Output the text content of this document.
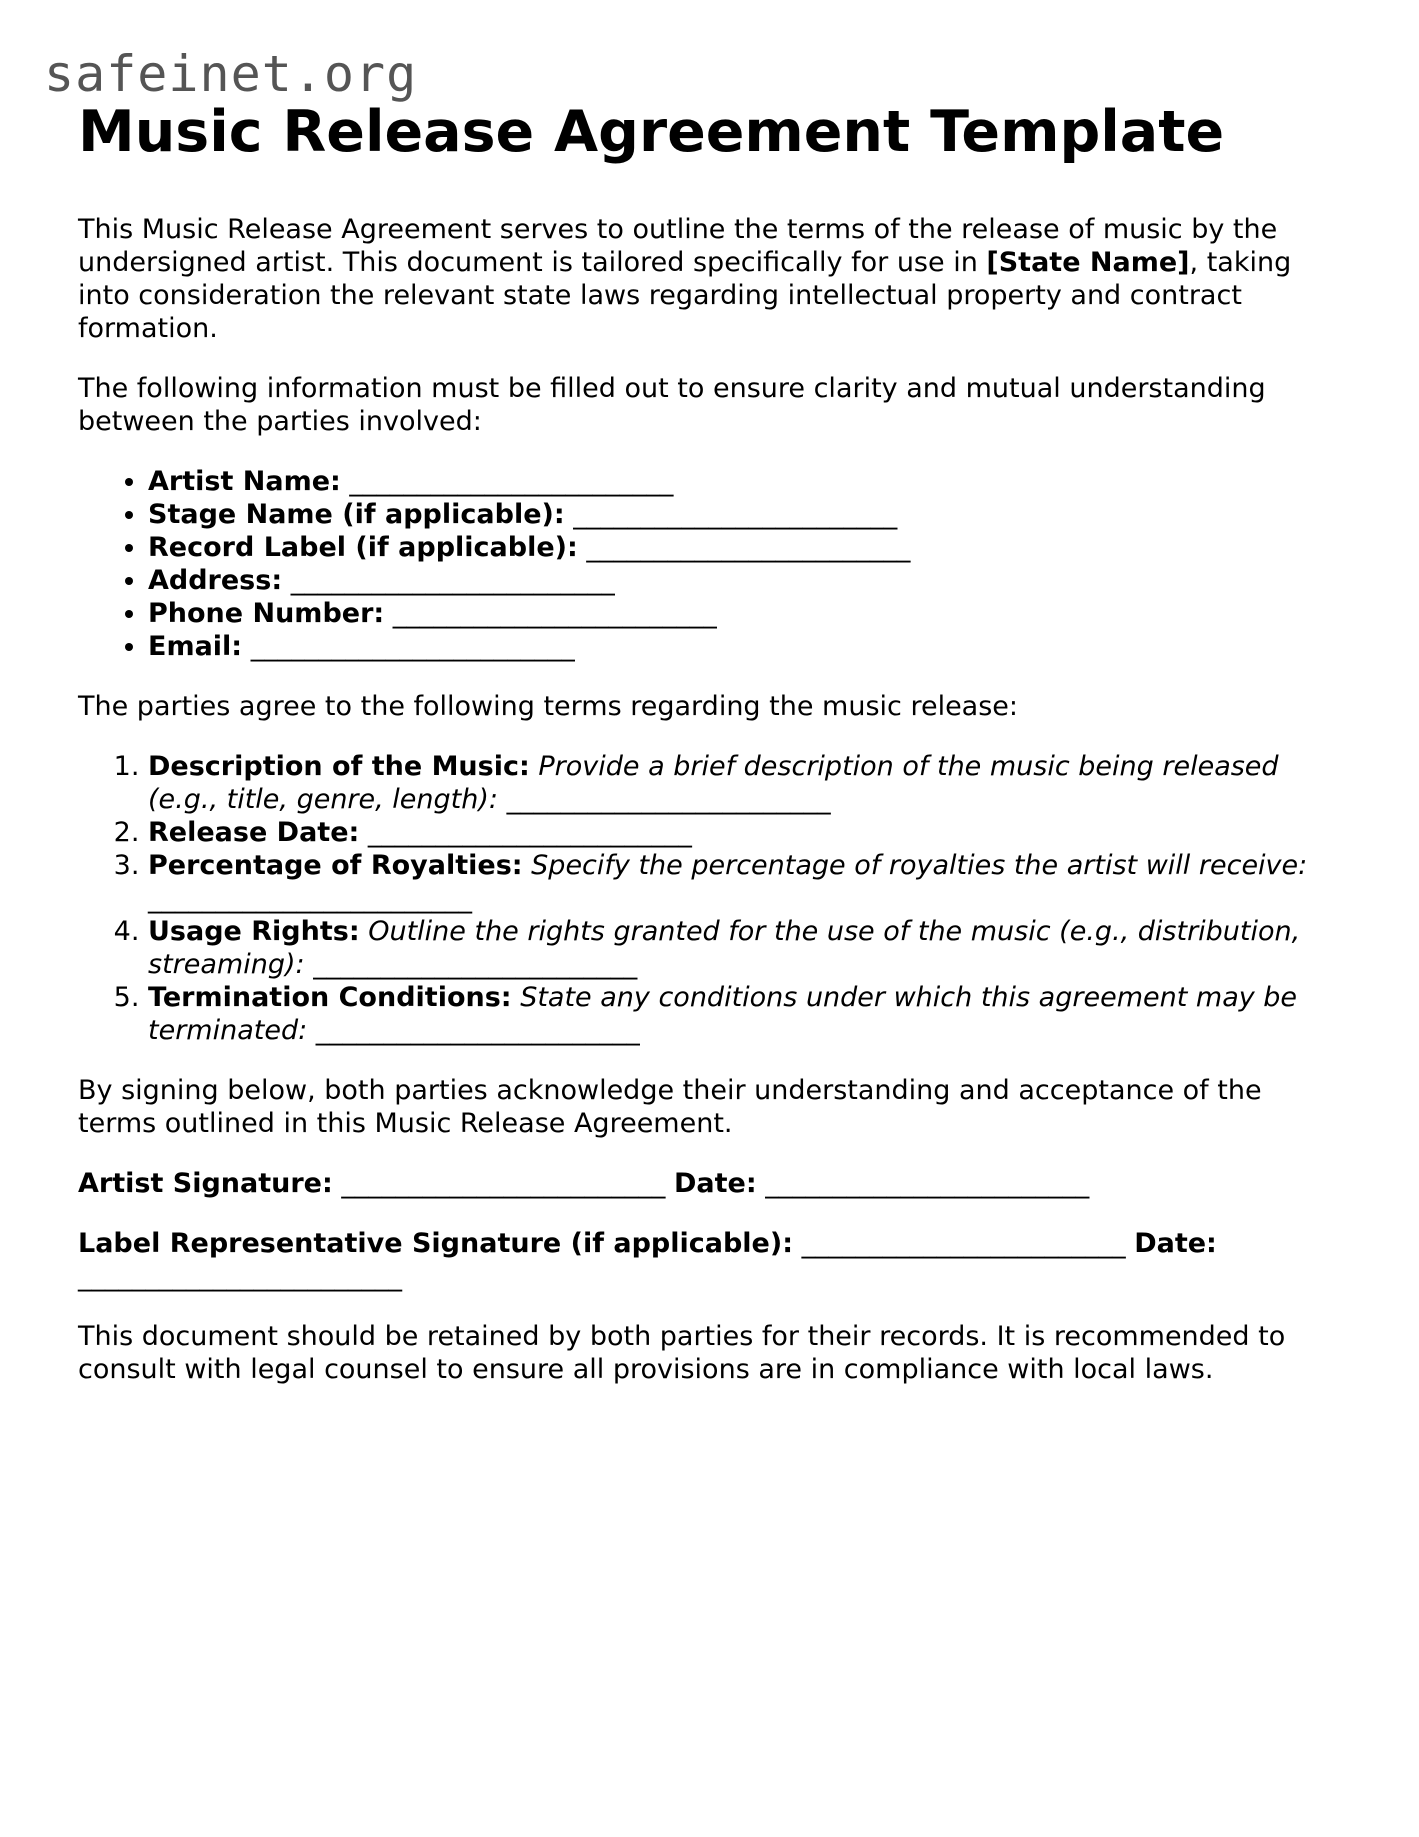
safeinet.org
Music Release Agreement Template

This Music Release Agreement serves to outline the terms of the release of music by the undersigned artist. This document is tailored specifically for use in [State Name], taking into consideration the relevant state laws regarding intellectual property and contract formation.

The following information must be filled out to ensure clarity and mutual understanding between the parties involved:

• Artist Name: ________________________
• Stage Name (if applicable): ________________________
• Record Label (if applicable): ________________________
• Address: ________________________
• Phone Number: ________________________
• Email: ________________________

The parties agree to the following terms regarding the music release:

1. Description of the Music: Provide a brief description of the music being released (e.g., title, genre, length): ________________________
2. Release Date: ________________________
3. Percentage of Royalties: Specify the percentage of royalties the artist will receive: ________________________
4. Usage Rights: Outline the rights granted for the use of the music (e.g., distribution, streaming): ________________________
5. Termination Conditions: State any conditions under which this agreement may be terminated: ________________________

By signing below, both parties acknowledge their understanding and acceptance of the terms outlined in this Music Release Agreement.

Artist Signature: ________________________ Date: ________________________

Label Representative Signature (if applicable): ________________________ Date: ________________________

This document should be retained by both parties for their records. It is recommended to consult with legal counsel to ensure all provisions are in compliance with local laws.
